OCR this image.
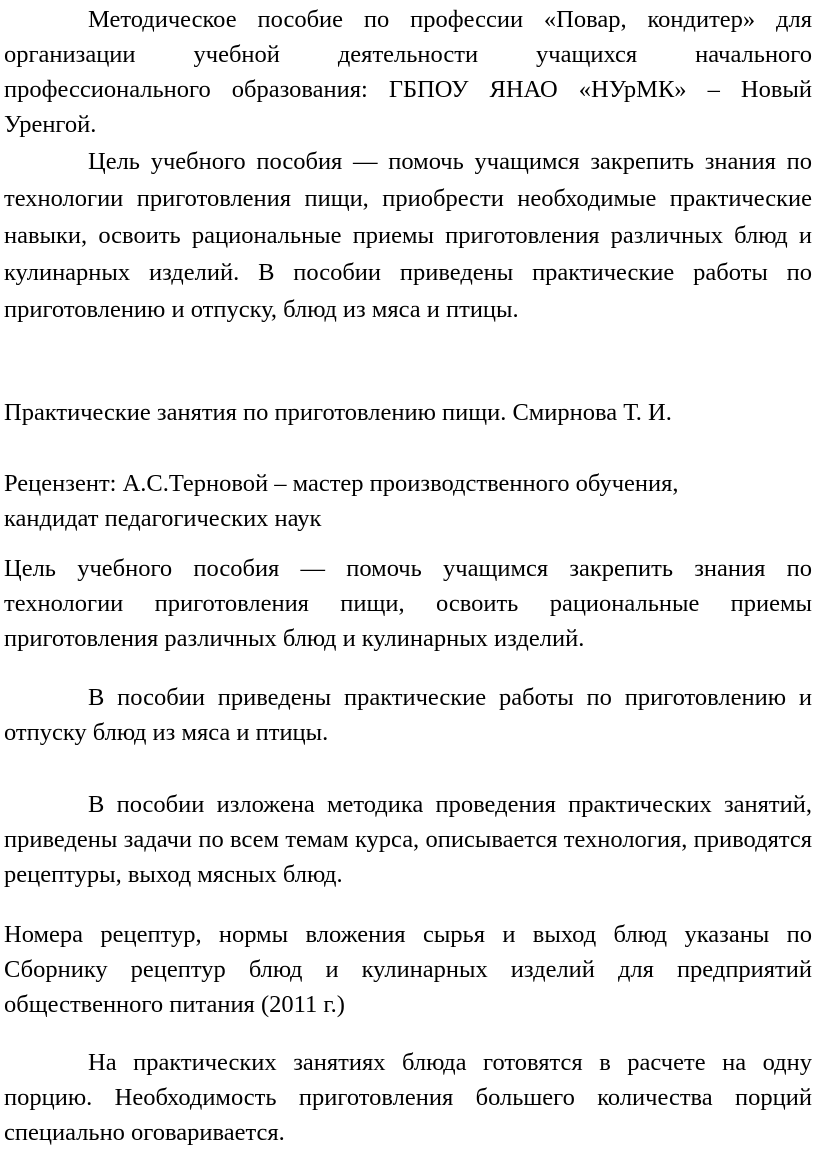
Методическое пособие по профессии «Повар, кондитер» для организации учебной деятельности учащихся начального профессионального образования: ГБПОУ ЯНАО «НУрМК» – Новый Уренгой.

Цель учебного пособия — помочь учащимся закрепить знания по технологии приготовления пищи, приобрести необходимые практические навыки, освоить рациональные приемы приготовления различных блюд и кулинарных изделий. В пособии приведены практические работы по приготовлению и отпуску, блюд из мяса и птицы.

Практические занятия по приготовлению пищи. Смирнова Т. И.

Рецензент: А.С.Терновой – мастер производственного обучения, кандидат педагогических наук

Цель учебного пособия — помочь учащимся закрепить знания по технологии приготовления пищи, освоить рациональные приемы приготовления различных блюд и кулинарных изделий.

В пособии приведены практические работы по приготовлению и отпуску блюд из мяса и птицы.

В пособии изложена методика проведения практических занятий, приведены задачи по всем темам курса, описывается технология, приводятся рецептуры, выход мясных блюд.

Номера рецептур, нормы вложения сырья и выход блюд указаны по Сборнику рецептур блюд и кулинарных изделий для предприятий общественного питания (2011 г.)

На практических занятиях блюда готовятся в расчете на одну порцию. Необходимость приготовления большего количества порций специально оговаривается.
